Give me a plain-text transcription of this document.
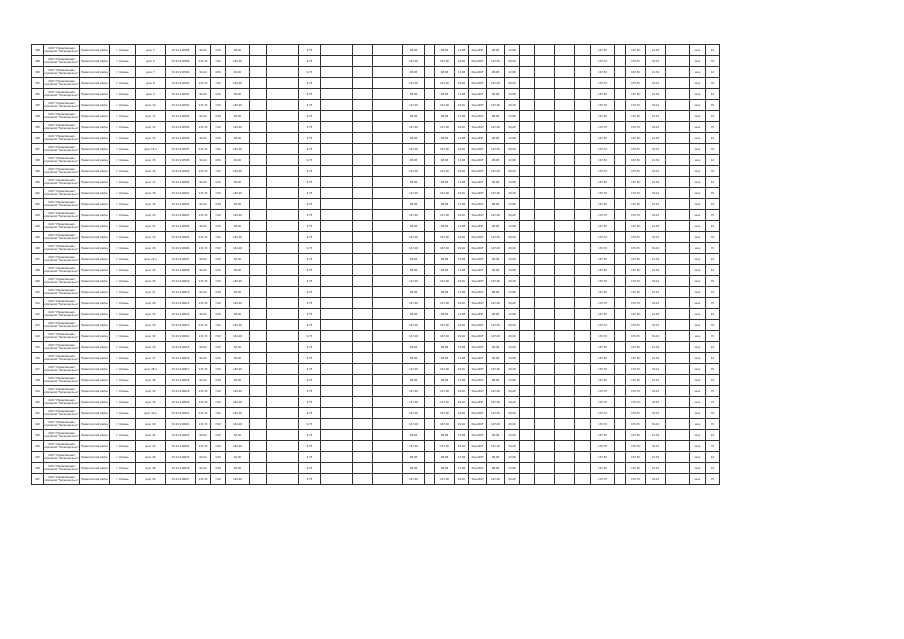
388	ООО "Управляющая компания "Зеленодольск"	Приволжский район	г. Казань	дом. 5	15:21:219588	99,22	4,50	90,00			4,75				98,08		98,08	13,98	Зона ВОТ	98,08	13,98					107,50		107,50	21,54		кв.м	42
389	ООО "Управляющая компания "Зеленодольск"	Приволжский район	г. Казань	дом. 6	15:21:219589	131,70	7,00	140,00			4,75				147,00		147,00	29,40	Зона ВОТ	147,00	29,40					170,70		170,70	34,14		кв.м	70
390	ООО "Управляющая компания "Зеленодольск"	Приволжский район	г. Казань	дом. 7	15:21:219590	99,22	4,50	90,00			4,75				98,08		98,08	13,98	Зона ВОТ	98,08	13,98					107,50		107,50	21,54		кв.м	42
391	ООО "Управляющая компания "Зеленодольск"	Приволжский район	г. Казань	дом. 8	15:21:219591	131,70	7,00	140,00			4,75				147,00		147,00	29,40	Зона ВОТ	147,00	29,40					170,70		170,70	34,14		кв.м	70
392	ООО "Управляющая компания "Зеленодольск"	Приволжский район	г. Казань	дом. 9	15:21:219592	99,22	4,50	90,00			4,75				98,08		98,08	13,98	Зона ВОТ	98,08	13,98					107,50		107,50	21,54		кв.м	42
393	ООО "Управляющая компания "Зеленодольск"	Приволжский район	г. Казань	дом. 10	15:21:219593	131,70	7,00	140,00			4,75				147,00		147,00	29,40	Зона ВОТ	147,00	29,40					170,70		170,70	34,14		кв.м	70
394	ООО "Управляющая компания "Зеленодольск"	Приволжский район	г. Казань	дом. 11	15:21:219594	99,22	4,50	90,00			4,75				98,08		98,08	13,98	Зона ВОТ	98,08	13,98					107,50		107,50	21,54		кв.м	42
395	ООО "Управляющая компания "Зеленодольск"	Приволжский район	г. Казань	дом. 12	15:21:219595	131,70	7,00	140,00			4,75				147,00		147,00	29,40	Зона ВОТ	147,00	29,40					170,70		170,70	34,14		кв.м	70
396	ООО "Управляющая компания "Зеленодольск"	Приволжский район	г. Казань	дом. 13	15:21:219596	99,22	4,50	90,00			4,75				98,08		98,08	13,98	Зона ВОТ	98,08	13,98					107,50		107,50	21,54		кв.м	42
397	ООО "Управляющая компания "Зеленодольск"	Приволжский район	г. Казань	дом. 14 а	15:21:219597	131,70	7,00	140,00			4,75				147,00		147,00	29,40	Зона ВОТ	147,00	29,40					170,70		170,70	34,14		кв.м	70
398	ООО "Управляющая компания "Зеленодольск"	Приволжский район	г. Казань	дом. 15	15:21:219598	99,22	4,50	90,00			4,75				98,08		98,08	13,98	Зона ВОТ	98,08	13,98					107,50		107,50	21,54		кв.м	42
399	ООО "Управляющая компания "Зеленодольск"	Приволжский район	г. Казань	дом. 16	15:21:219599	131,70	7,00	140,00			4,75				147,00		147,00	29,40	Зона ВОТ	147,00	29,40					170,70		170,70	34,14		кв.м	70
400	ООО "Управляющая компания "Зеленодольск"	Приволжский район	г. Казань	дом. 17	15:21:219600	99,22	4,50	90,00			4,75				98,08		98,08	13,98	Зона ВОТ	98,08	13,98					107,50		107,50	21,54		кв.м	42
401	ООО "Управляющая компания "Зеленодольск"	Приволжский район	г. Казань	дом. 18	15:21:219601	131,70	7,00	140,00			4,75				147,00		147,00	29,40	Зона ВОТ	147,00	29,40					170,70		170,70	34,14		кв.м	70
402	ООО "Управляющая компания "Зеленодольск"	Приволжский район	г. Казань	дом. 19	15:21:219602	99,22	4,50	90,00			4,75				98,08		98,08	13,98	Зона ВОТ	98,08	13,98					107,50		107,50	21,54		кв.м	42
403	ООО "Управляющая компания "Зеленодольск"	Приволжский район	г. Казань	дом. 20	15:21:219603	131,70	7,00	140,00			4,75				147,00		147,00	29,40	Зона ВОТ	147,00	29,40					170,70		170,70	34,14		кв.м	70
404	ООО "Управляющая компания "Зеленодольск"	Приволжский район	г. Казань	дом. 21	15:21:219604	99,22	4,50	90,00			4,75				98,08		98,08	13,98	Зона ВОТ	98,08	13,98					107,50		107,50	21,54		кв.м	42
405	ООО "Управляющая компания "Зеленодольск"	Приволжский район	г. Казань	дом. 22	15:21:219605	131,70	7,00	140,00			4,75				147,00		147,00	29,40	Зона ВОТ	147,00	29,40					170,70		170,70	34,14		кв.м	70
406	ООО "Управляющая компания "Зеленодольск"	Приволжский район	г. Казань	дом. 24	15:21:219606	131,70	7,00	140,00			4,75				147,00		147,00	29,40	Зона ВОТ	147,00	29,40					170,70		170,70	34,14		кв.м	70
407	ООО "Управляющая компания "Зеленодольск"	Приволжский район	г. Казань	дом. 24 а	15:21:219607	99,22	4,50	90,00			4,75				98,08		98,08	13,98	Зона ВОТ	98,08	13,98					107,50		107,50	21,54		кв.м	42
408	ООО "Управляющая компания "Зеленодольск"	Приволжский район	г. Казань	дом. 25	15:21:219608	99,22	4,50	90,00			4,75				98,08		98,08	13,98	Зона ВОТ	98,08	13,98					107,50		107,50	21,54		кв.м	42
409	ООО "Управляющая компания "Зеленодольск"	Приволжский район	г. Казань	дом. 26	15:21:219609	131,70	7,00	140,00			4,75				147,00		147,00	29,40	Зона ВОТ	147,00	29,40					170,70		170,70	34,14		кв.м	70
410	ООО "Управляющая компания "Зеленодольск"	Приволжский район	г. Казань	дом. 27	15:21:219610	99,22	4,50	90,00			4,75				98,08		98,08	13,98	Зона ВОТ	98,08	13,98					107,50		107,50	21,54		кв.м	42
411	ООО "Управляющая компания "Зеленодольск"	Приволжский район	г. Казань	дом. 28	15:21:219611	131,70	7,00	140,00			4,75				147,00		147,00	29,40	Зона ВОТ	147,00	29,40					170,70		170,70	34,14		кв.м	70
412	ООО "Управляющая компания "Зеленодольск"	Приволжский район	г. Казань	дом. 29	15:21:219612	99,22	4,50	90,00			4,75				98,08		98,08	13,98	Зона ВОТ	98,08	13,98					107,50		107,50	21,54		кв.м	42
413	ООО "Управляющая компания "Зеленодольск"	Приволжский район	г. Казань	дом. 30	15:21:219613	131,70	7,00	140,00			4,75				147,00		147,00	29,40	Зона ВОТ	147,00	29,40					170,70		170,70	34,14		кв.м	70
414	ООО "Управляющая компания "Зеленодольск"	Приволжский район	г. Казань	дом. 32	15:21:219614	131,70	7,00	140,00			4,75				147,00		147,00	29,40	Зона ВОТ	147,00	29,40					170,70		170,70	34,14		кв.м	70
415	ООО "Управляющая компания "Зеленодольск"	Приволжский район	г. Казань	дом. 33	15:21:219615	99,22	4,50	90,00			4,75				98,08		98,08	13,98	Зона ВОТ	98,08	13,98					107,50		107,50	21,54		кв.м	42
416	ООО "Управляющая компания "Зеленодольск"	Приволжский район	г. Казань	дом. 37	15:21:219616	99,22	4,50	90,00			4,75				98,08		98,08	13,98	Зона ВОТ	98,08	13,98					107,50		107,50	21,54		кв.м	42
417	ООО "Управляющая компания "Зеленодольск"	Приволжский район	г. Казань	дом. 38 а	15:21:219617	131,70	7,00	140,00			4,75				147,00		147,00	29,40	Зона ВОТ	147,00	29,40					170,70		170,70	34,14		кв.м	70
418	ООО "Управляющая компания "Зеленодольск"	Приволжский район	г. Казань	дом. 38	15:21:219618	99,22	4,50	90,00			4,75				98,08		98,08	13,98	Зона ВОТ	98,08	13,98					107,50		107,50	21,54		кв.м	42
419	ООО "Управляющая компания "Зеленодольск"	Приволжский район	г. Казань	дом. 39	15:21:219619	131,70	7,00	140,00			4,75				147,00		147,00	29,40	Зона ВОТ	147,00	29,40					170,70		170,70	34,14		кв.м	70
420	ООО "Управляющая компания "Зеленодольск"	Приволжский район	г. Казань	дом. 39	15:21:219620	131,70	7,00	140,00			4,75				147,00		147,00	29,40	Зона ВОТ	147,00	29,40					170,70		170,70	34,14		кв.м	70
421	ООО "Управляющая компания "Зеленодольск"	Приволжский район	г. Казань	дом. 40 а	15:21:219621	131,70	7,00	140,00			4,75				147,00		147,00	29,40	Зона ВОТ	147,00	29,40					170,70		170,70	34,14		кв.м	70
422	ООО "Управляющая компания "Зеленодольск"	Приволжский район	г. Казань	дом. 40	15:21:219622	131,70	7,00	140,00			4,75				147,00		147,00	29,40	Зона ВОТ	147,00	29,40					170,70		170,70	34,14		кв.м	70
423	ООО "Управляющая компания "Зеленодольск"	Приволжский район	г. Казань	дом. 41	15:21:219623	99,22	4,50	90,00			4,75				98,08		98,08	13,98	Зона ВОТ	98,08	13,98					107,50		107,50	21,54		кв.м	42
424	ООО "Управляющая компания "Зеленодольск"	Приволжский район	г. Казань	дом. 43	15:21:219624	131,70	7,00	140,00			4,75				147,00		147,00	29,40	Зона ВОТ	147,00	29,40					170,70		170,70	34,14		кв.м	70
425	ООО "Управляющая компания "Зеленодольск"	Приволжский район	г. Казань	дом. 46	15:21:219625	99,22	4,50	90,00			4,75				98,08		98,08	13,98	Зона ВОТ	98,08	13,98					107,50		107,50	21,54		кв.м	42
426	ООО "Управляющая компания "Зеленодольск"	Приволжский район	г. Казань	дом. 48	15:21:219626	99,22	4,50	90,00			4,75				98,08		98,08	13,98	Зона ВОТ	98,08	13,98					107,50		107,50	21,54		кв.м	42
427	ООО "Управляющая компания "Зеленодольск"	Приволжский район	г. Казань	дом. 50	15:21:219627	131,70	7,00	140,00			4,75				147,00		147,00	29,40	Зона ВОТ	147,00	29,40					170,70		170,70	34,14		кв.м	70
